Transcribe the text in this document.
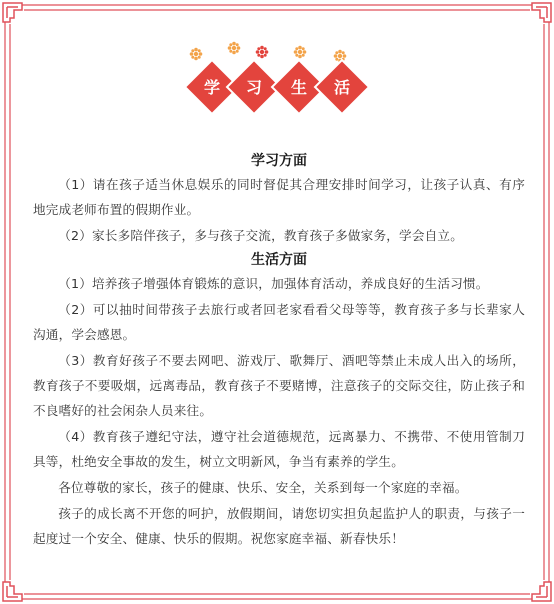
学 习 生 活
学习方面

（1）请在孩子适当休息娱乐的同时督促其合理安排时间学习，让孩子认真、有序地完成老师布置的假期作业。

（2）家长多陪伴孩子，多与孩子交流，教育孩子多做家务，学会自立。

生活方面

（1）培养孩子增强体育锻炼的意识，加强体育活动，养成良好的生活习惯。

（2）可以抽时间带孩子去旅行或者回老家看看父母等等，教育孩子多与长辈家人沟通，学会感恩。

（3）教育好孩子不要去网吧、游戏厅、歌舞厅、酒吧等禁止未成人出入的场所，教育孩子不要吸烟，远离毒品，教育孩子不要赌博，注意孩子的交际交往，防止孩子和不良嗜好的社会闲杂人员来往。

（4）教育孩子遵纪守法，遵守社会道德规范，远离暴力、不携带、不使用管制刀具等，杜绝安全事故的发生，树立文明新风，争当有素养的学生。

各位尊敬的家长，孩子的健康、快乐、安全，关系到每一个家庭的幸福。

孩子的成长离不开您的呵护，放假期间，请您切实担负起监护人的职责，与孩子一起度过一个安全、健康、快乐的假期。祝您家庭幸福、新春快乐！
